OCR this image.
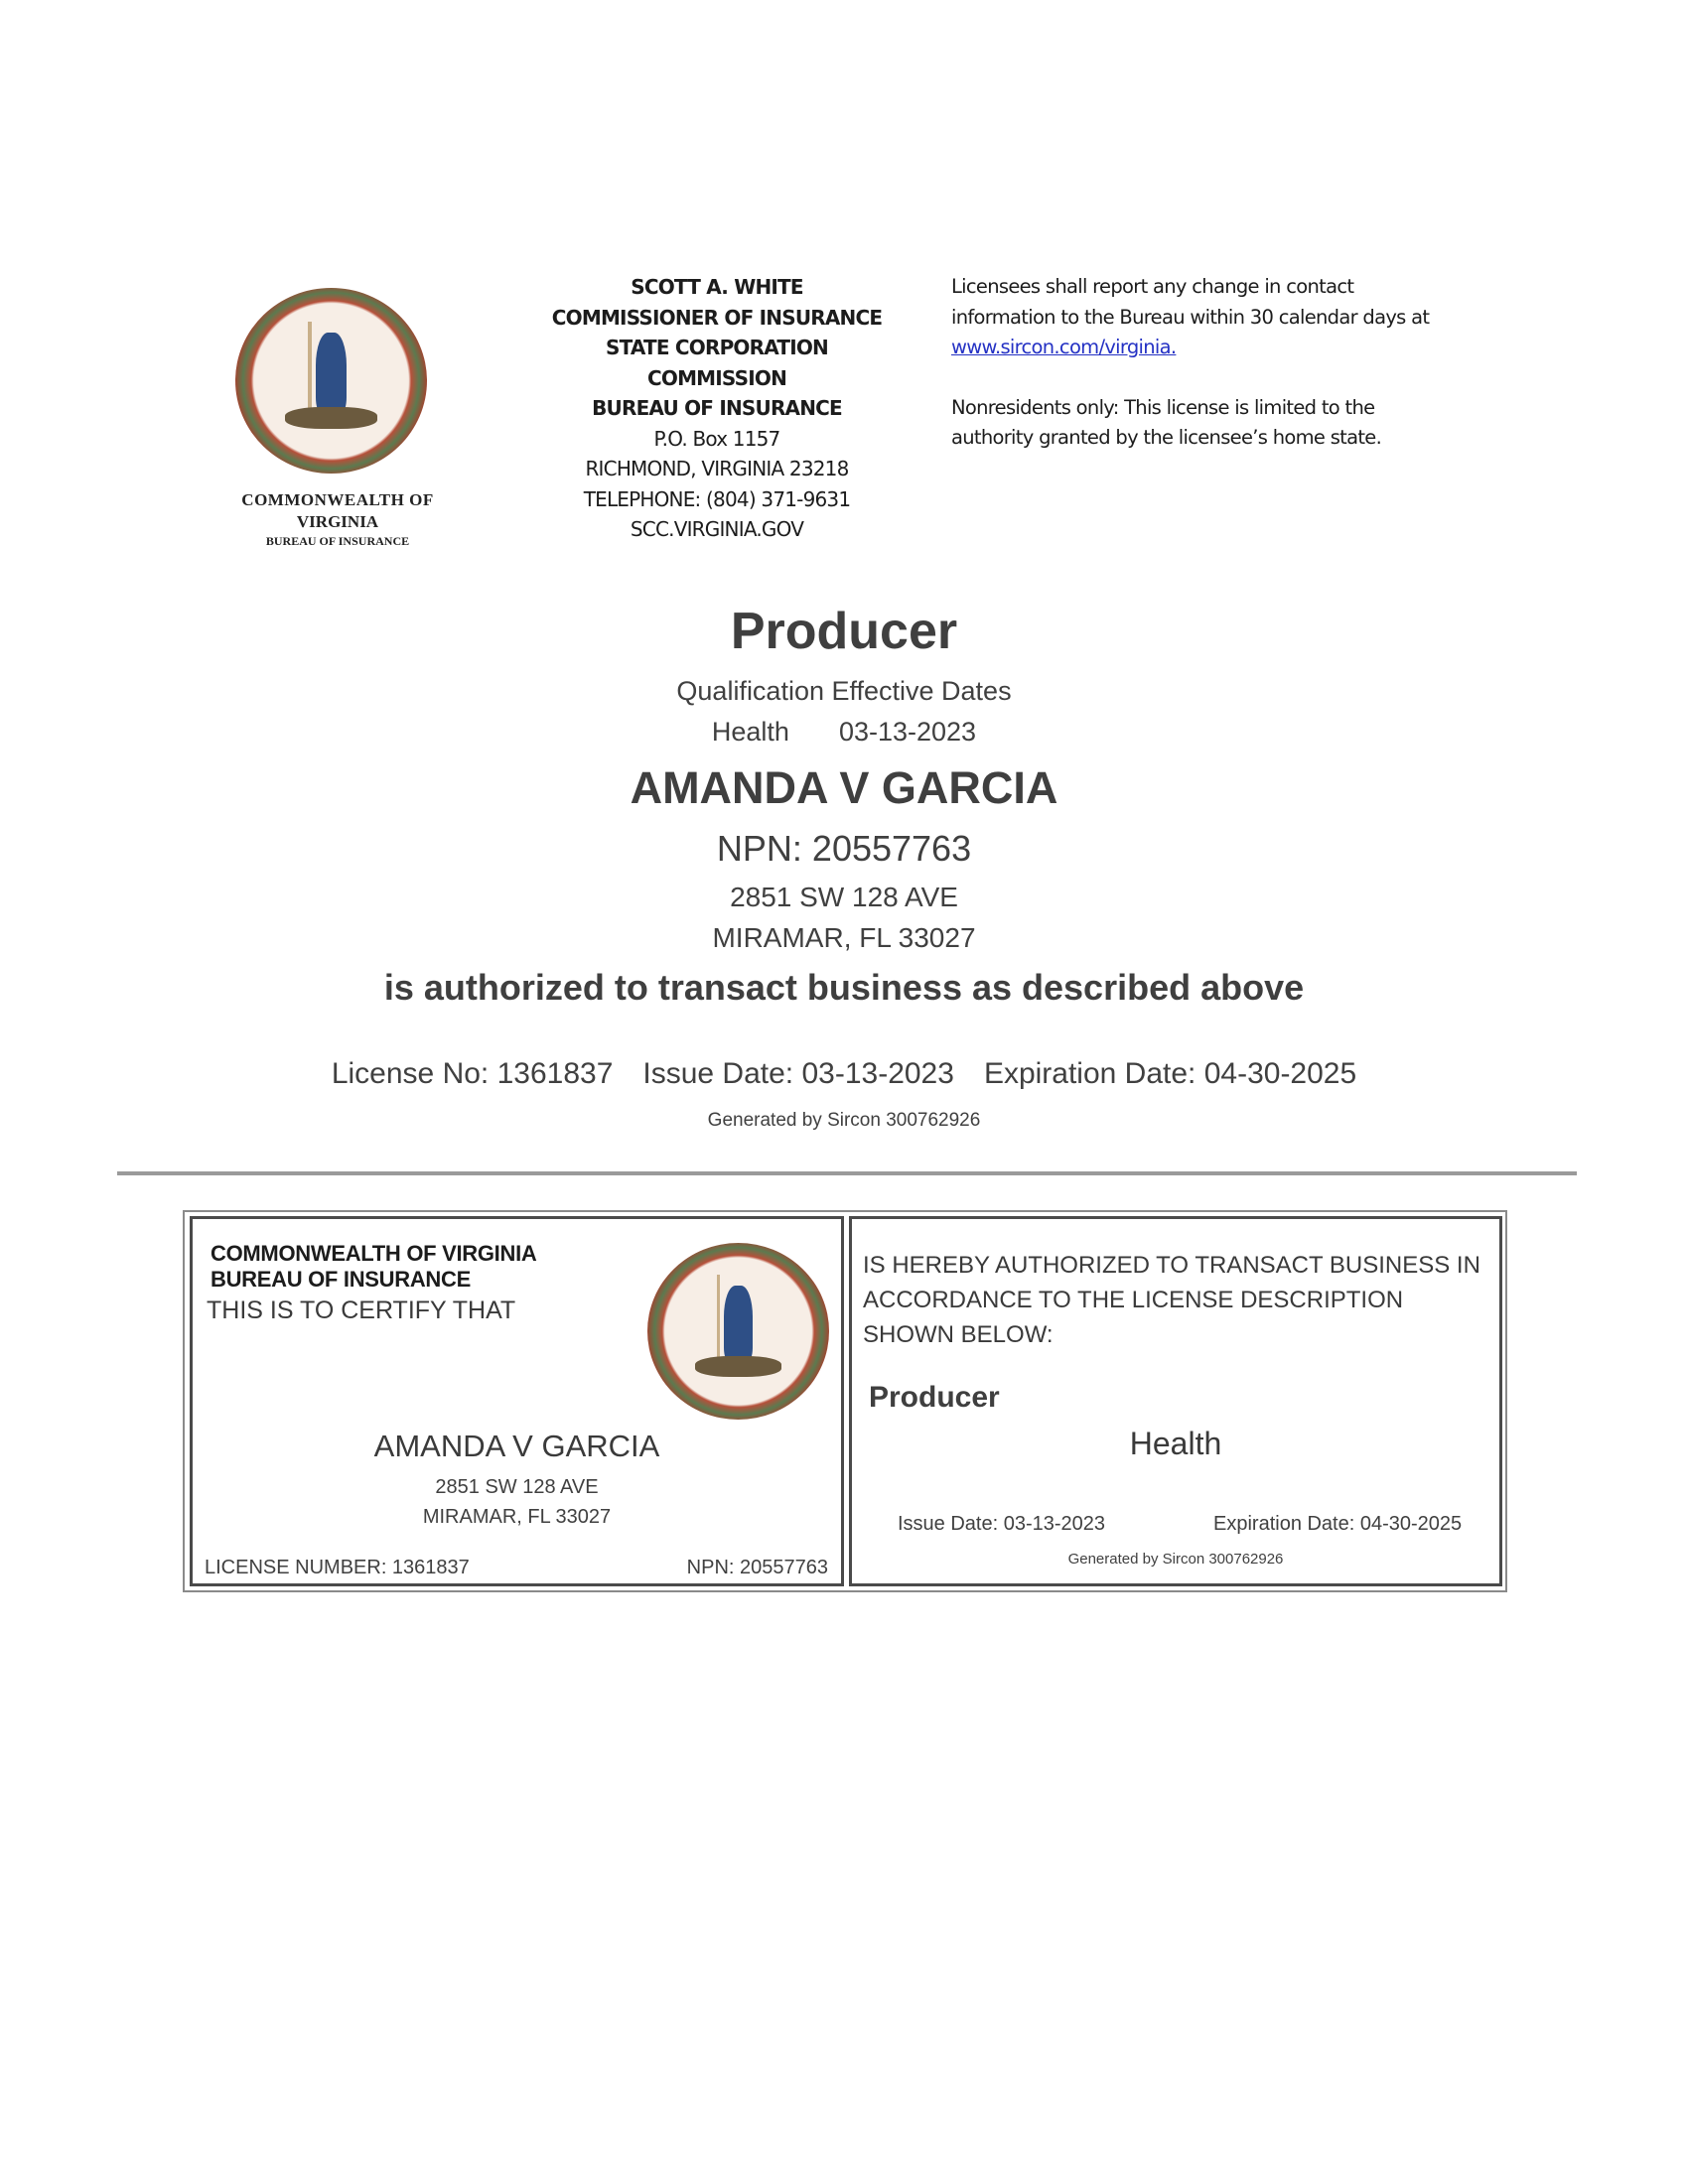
COMMONWEALTH OF
VIRGINIA
BUREAU OF INSURANCE
SCOTT A. WHITE
COMMISSIONER OF INSURANCE
STATE CORPORATION
COMMISSION
BUREAU OF INSURANCE
P.O. Box 1157
RICHMOND, VIRGINIA 23218
TELEPHONE: (804) 371-9631
SCC.VIRGINIA.GOV
Licensees shall report any change in contact
information to the Bureau within 30 calendar days at
www.sircon.com/virginia.
Nonresidents only: This license is limited to the
authority granted by the licensee’s home state.
Producer
Qualification Effective Dates
Health 03-13-2023
AMANDA V GARCIA
NPN: 20557763
2851 SW 128 AVE
MIRAMAR, FL 33027
is authorized to transact business as described above
License No: 1361837 Issue Date: 03-13-2023 Expiration Date: 04-30-2025
Generated by Sircon 300762926
COMMONWEALTH OF VIRGINIA
BUREAU OF INSURANCE
THIS IS TO CERTIFY THAT
AMANDA V GARCIA
2851 SW 128 AVE
MIRAMAR, FL 33027
LICENSE NUMBER: 1361837	NPN: 20557763
IS HEREBY AUTHORIZED TO TRANSACT BUSINESS IN ACCORDANCE TO THE LICENSE DESCRIPTION SHOWN BELOW:
Producer
Health
Issue Date: 03-13-2023	Expiration Date: 04-30-2025
Generated by Sircon 300762926
